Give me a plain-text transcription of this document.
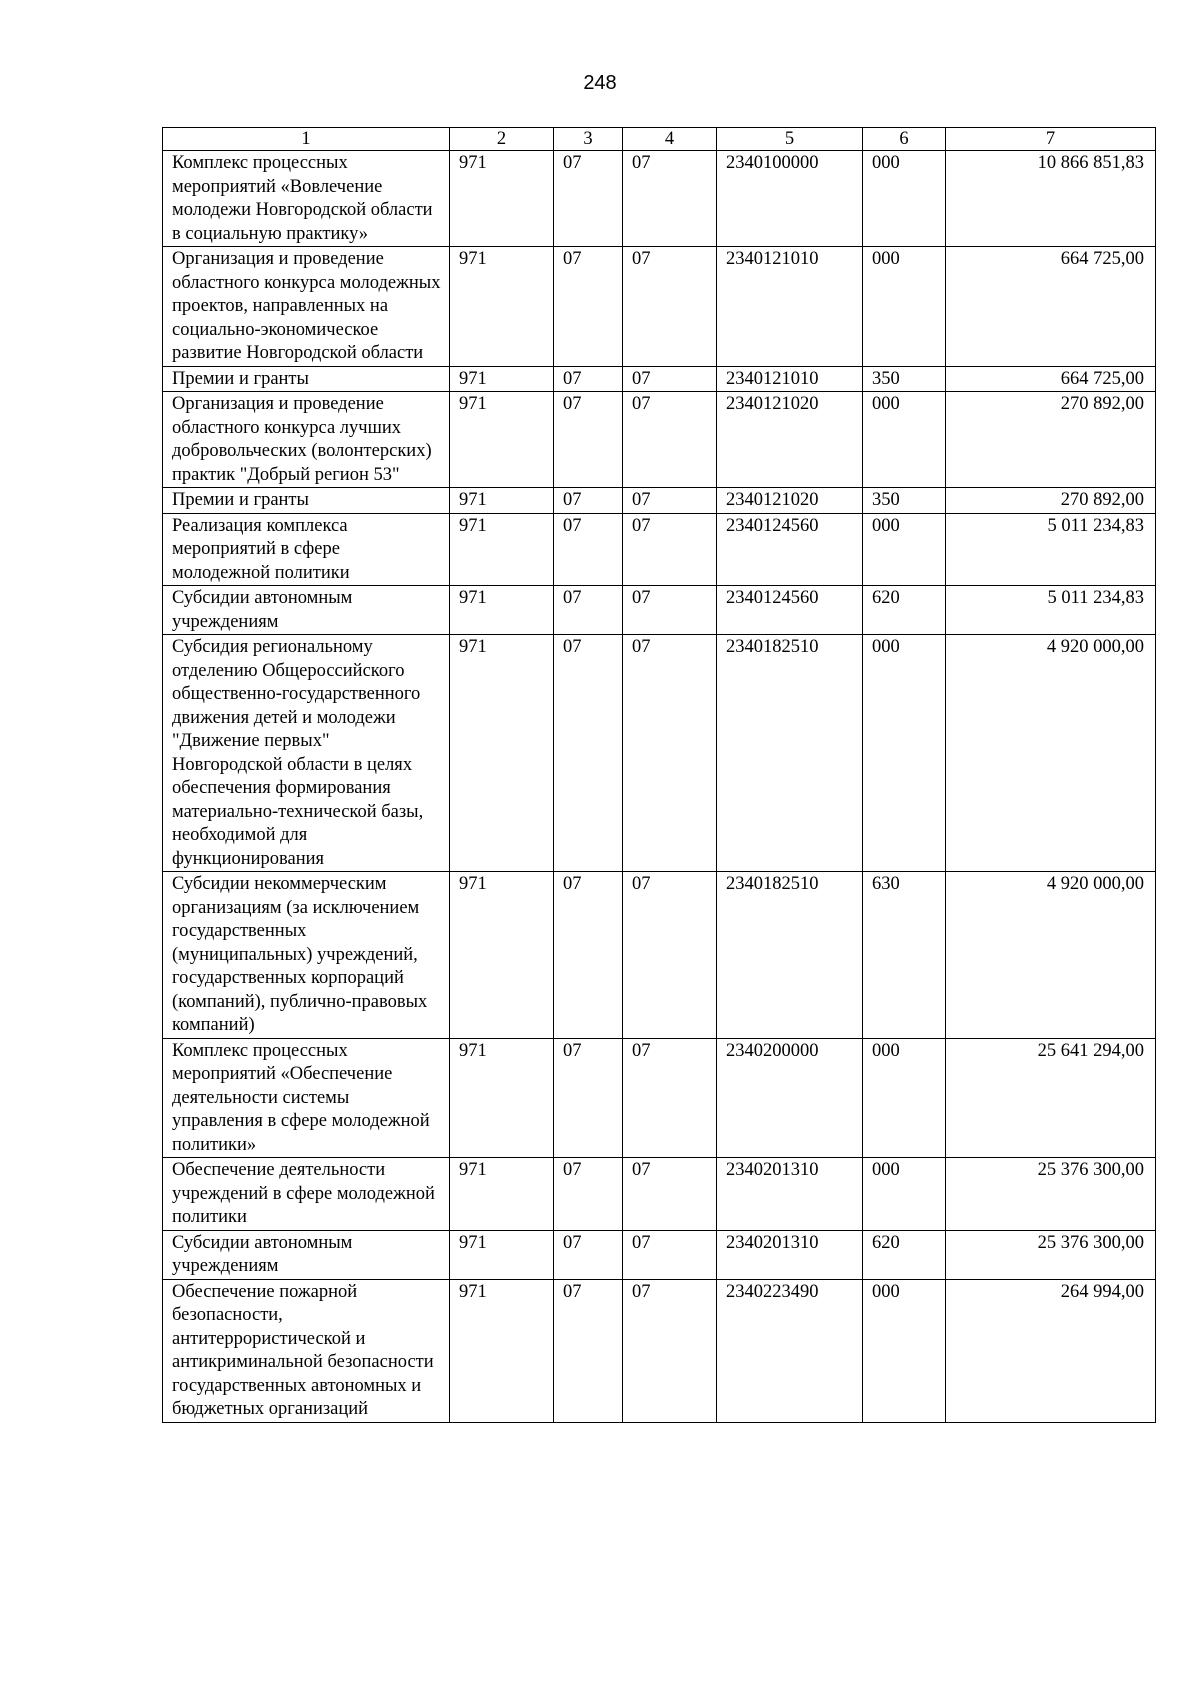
248
1	2	3	4	5	6	7
Комплекс процессных мероприятий «Вовлечение молодежи Новгородской области в социальную практику»	971	07	07	2340100000	000	10 866 851,83
Организация и проведение областного конкурса молодежных проектов, направленных на социально-экономическое развитие Новгородской области	971	07	07	2340121010	000	664 725,00
Премии и гранты	971	07	07	2340121010	350	664 725,00
Организация и проведение областного конкурса лучших добровольческих (волонтерских) практик "Добрый регион 53"	971	07	07	2340121020	000	270 892,00
Премии и гранты	971	07	07	2340121020	350	270 892,00
Реализация комплекса мероприятий в сфере молодежной политики	971	07	07	2340124560	000	5 011 234,83
Субсидии автономным учреждениям	971	07	07	2340124560	620	5 011 234,83
Субсидия региональному отделению Общероссийского общественно-государственного движения детей и молодежи "Движение первых" Новгородской области в целях обеспечения формирования материально-технической базы, необходимой для функционирования	971	07	07	2340182510	000	4 920 000,00
Субсидии некоммерческим организациям (за исключением государственных (муниципальных) учреждений, государственных корпораций (компаний), публично-правовых компаний)	971	07	07	2340182510	630	4 920 000,00
Комплекс процессных мероприятий «Обеспечение деятельности системы управления в сфере молодежной политики»	971	07	07	2340200000	000	25 641 294,00
Обеспечение деятельности учреждений в сфере молодежной политики	971	07	07	2340201310	000	25 376 300,00
Субсидии автономным учреждениям	971	07	07	2340201310	620	25 376 300,00
Обеспечение пожарной безопасности, антитеррористической и антикриминальной безопасности государственных автономных и бюджетных организаций	971	07	07	2340223490	000	264 994,00
